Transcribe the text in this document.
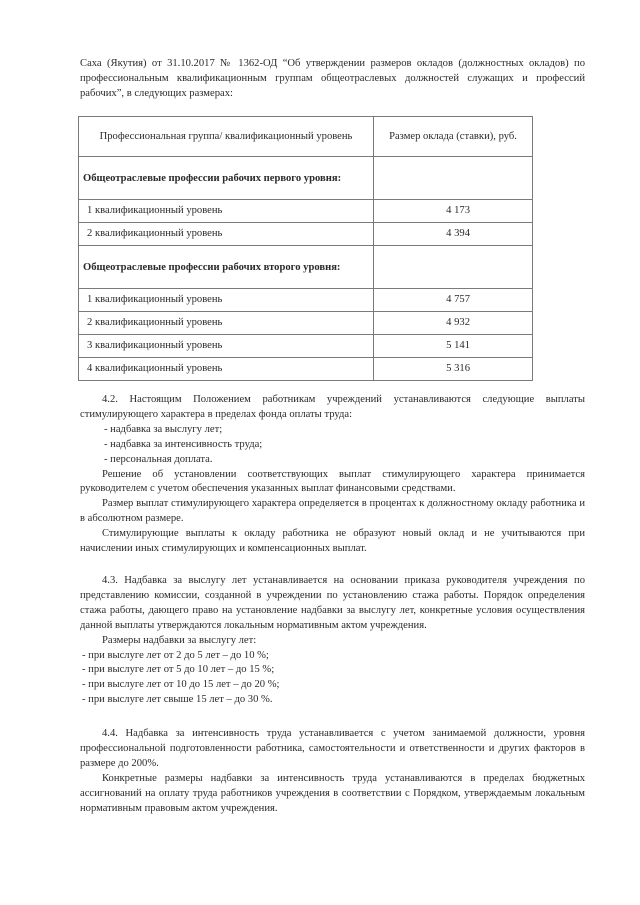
Саха (Якутия) от 31.10.2017 № 1362-ОД “Об утверждении размеров окладов (должностных окладов) по профессиональным квалификационным группам общеотраслевых должностей служащих и профессий рабочих”, в следующих размерах:
Профессиональная группа/ квалификационный уровень	Размер оклада (ставки), руб.
Общеотраслевые профессии рабочих первого уровня:	
1 квалификационный уровень	4 173
2 квалификационный уровень	4 394
Общеотраслевые профессии рабочих второго уровня:	
1 квалификационный уровень	4 757
2 квалификационный уровень	4 932
3 квалификационный уровень	5 141
4 квалификационный уровень	5 316

4.2. Настоящим Положением работникам учреждений устанавливаются следующие выплаты стимулирующего характера в пределах фонда оплаты труда:

- надбавка за выслугу лет;

- надбавка за интенсивность труда;

- персональная доплата.

Решение об установлении соответствующих выплат стимулирующего характера принимается руководителем с учетом обеспечения указанных выплат финансовыми средствами.

Размер выплат стимулирующего характера определяется в процентах к должностному окладу работника и в абсолютном размере.

Стимулирующие выплаты к окладу работника не образуют новый оклад и не учитываются при начислении иных стимулирующих и компенсационных выплат.

4.3. Надбавка за выслугу лет устанавливается на основании приказа руководителя учреждения по представлению комиссии, созданной в учреждении по установлению стажа работы. Порядок определения стажа работы, дающего право на установление надбавки за выслугу лет, конкретные условия осуществления данной выплаты утверждаются локальным нормативным актом учреждения.

Размеры надбавки за выслугу лет:

- при выслуге лет от 2 до 5 лет – до 10 %;

- при выслуге лет от 5 до 10 лет – до 15 %;

- при выслуге лет от 10 до 15 лет – до 20 %;

- при выслуге лет свыше 15 лет – до 30 %.

4.4. Надбавка за интенсивность труда устанавливается с учетом занимаемой должности, уровня профессиональной подготовленности работника, самостоятельности и ответственности и других факторов в размере до 200%.

Конкретные размеры надбавки за интенсивность труда устанавливаются в пределах бюджетных ассигнований на оплату труда работников учреждения в соответствии с Порядком, утверждаемым локальным нормативным правовым актом учреждения.
